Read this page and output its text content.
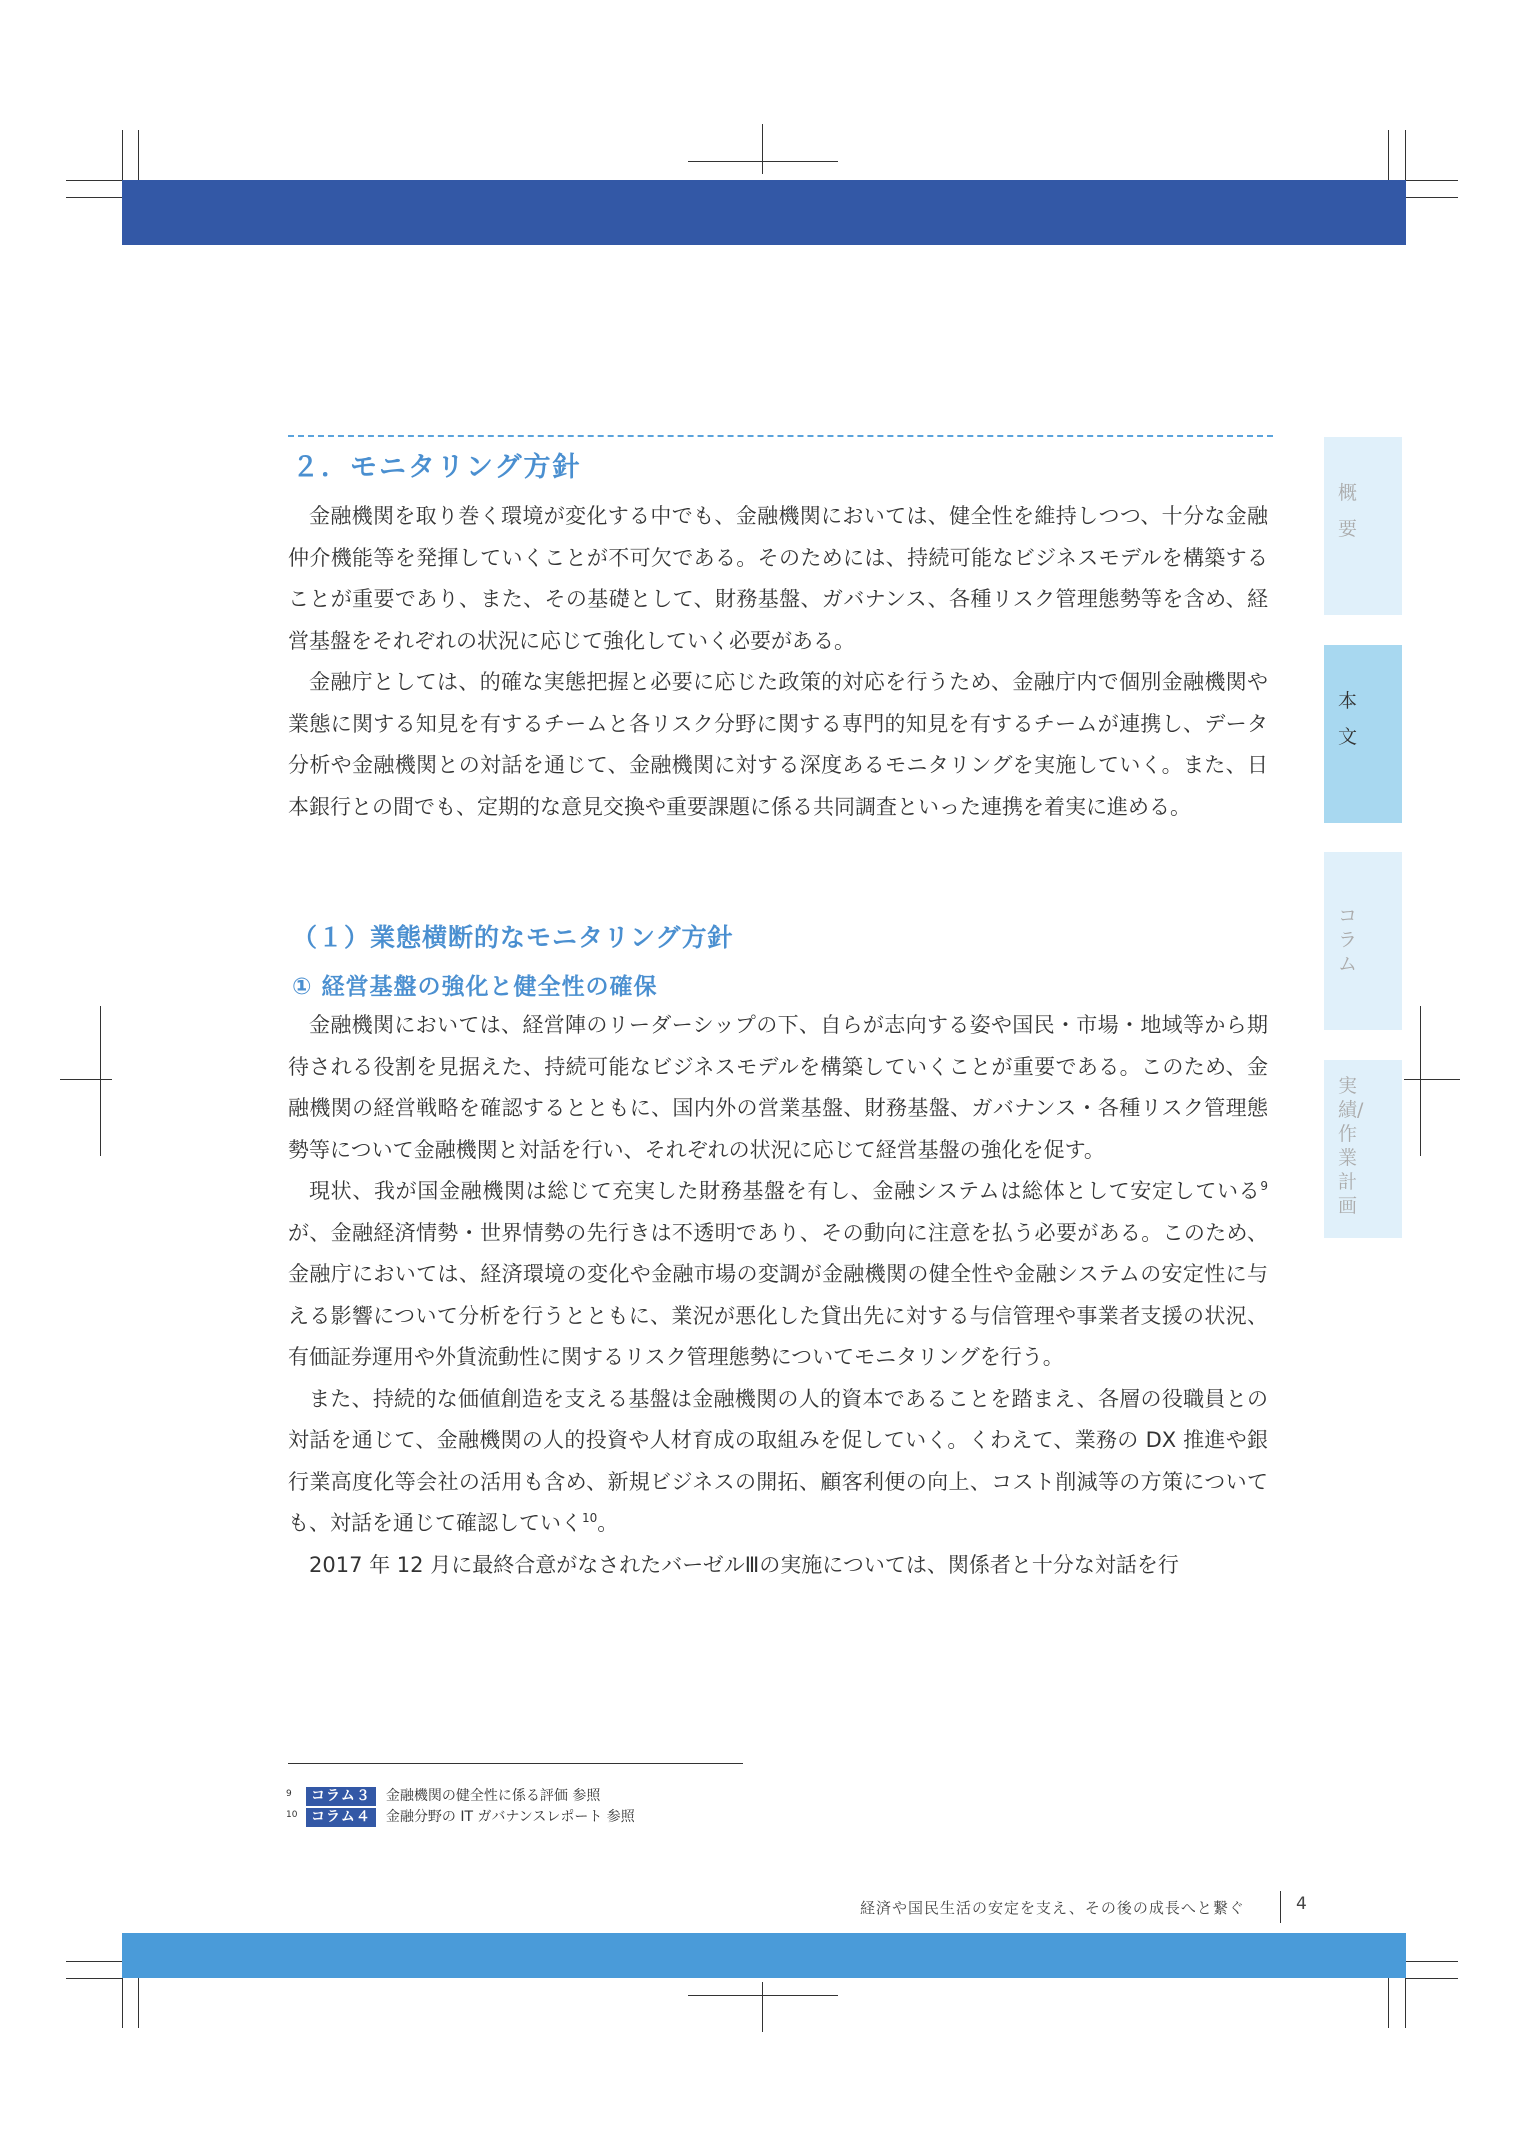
２．モニタリング方針

金融機関を取り巻く環境が変化する中でも、金融機関においては、健全性を維持しつつ、十分な金融仲介機能等を発揮していくことが不可欠である。そのためには、持続可能なビジネスモデルを構築することが重要であり、また、その基礎として、財務基盤、ガバナンス、各種リスク管理態勢等を含め、経営基盤をそれぞれの状況に応じて強化していく必要がある。

金融庁としては、的確な実態把握と必要に応じた政策的対応を行うため、金融庁内で個別金融機関や業態に関する知見を有するチームと各リスク分野に関する専門的知見を有するチームが連携し、データ分析や金融機関との対話を通じて、金融機関に対する深度あるモニタリングを実施していく。また、日本銀行との間でも、定期的な意見交換や重要課題に係る共同調査といった連携を着実に進める。

（１）業態横断的なモニタリング方針
① 経営基盤の強化と健全性の確保

金融機関においては、経営陣のリーダーシップの下、自らが志向する姿や国民・市場・地域等から期待される役割を見据えた、持続可能なビジネスモデルを構築していくことが重要である。このため、金融機関の経営戦略を確認するとともに、国内外の営業基盤、財務基盤、ガバナンス・各種リスク管理態勢等について金融機関と対話を行い、それぞれの状況に応じて経営基盤の強化を促す。

現状、我が国金融機関は総じて充実した財務基盤を有し、金融システムは総体として安定している$^9$が、金融経済情勢・世界情勢の先行きは不透明であり、その動向に注意を払う必要がある。このため、金融庁においては、経済環境の変化や金融市場の変調が金融機関の健全性や金融システムの安定性に与える影響について分析を行うとともに、業況が悪化した貸出先に対する与信管理や事業者支援の状況、有価証券運用や外貨流動性に関するリスク管理態勢についてモニタリングを行う。

また、持続的な価値創造を支える基盤は金融機関の人的資本であることを踏まえ、各層の役職員との対話を通じて、金融機関の人的投資や人材育成の取組みを促していく。くわえて、業務の DX 推進や銀行業高度化等会社の活用も含め、新規ビジネスの開拓、顧客利便の向上、コスト削減等の方策についても、対話を通じて確認していく$^{10}$。

2017 年 12 月に最終合意がなされたバーゼルⅢの実施については、関係者と十分な対話を行

概要
本文
コラム
実績/作業計画
9 コラム３ 金融機関の健全性に係る評価 参照
10 コラム４ 金融分野の IT ガバナンスレポート 参照
経済や国民生活の安定を支え、その後の成長へと繋ぐ	4
